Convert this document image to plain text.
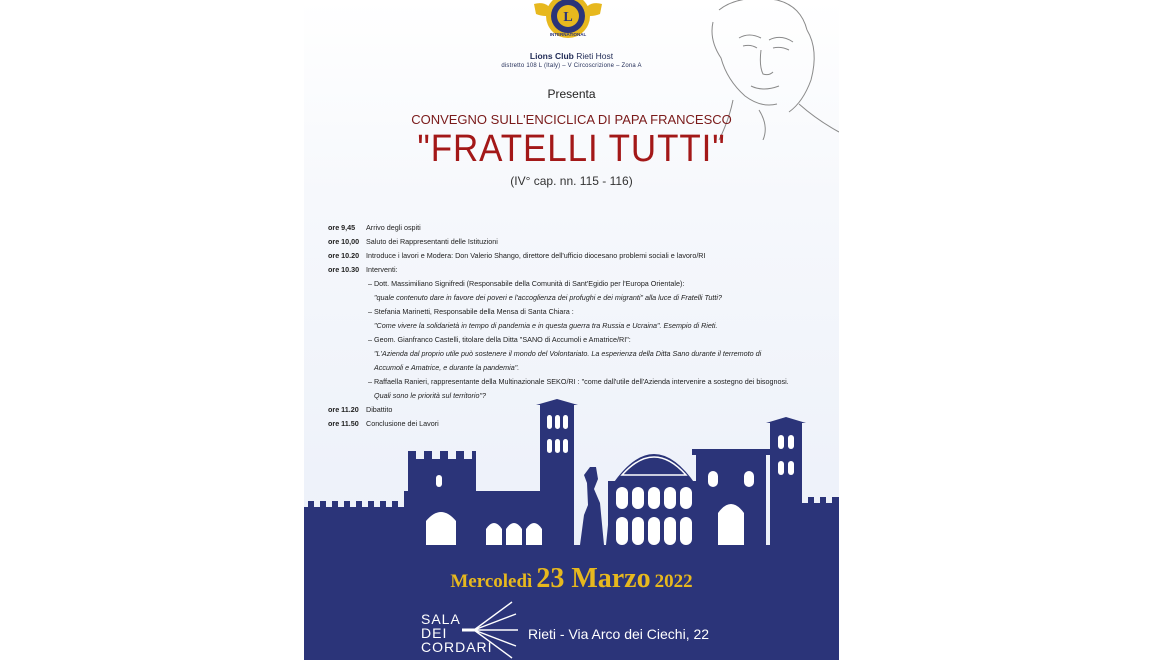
L
INTERNATIONAL
Lions Club Rieti Host
distretto 108 L (Italy) – V Circoscrizione – Zona A
Presenta
CONVEGNO SULL'ENCICLICA DI PAPA FRANCESCO
"FRATELLI TUTTI"
(IV° cap. nn. 115 - 116)
ore 9,45 Arrivo degli ospiti
ore 10,00 Saluto dei Rappresentanti delle Istituzioni
ore 10.20 Introduce i lavori e Modera: Don Valerio Shango, direttore dell'ufficio diocesano problemi sociali e lavoro/RI
ore 10.30 Interventi:
– Dott. Massimiliano Signifredi (Responsabile della Comunità di Sant'Egidio per l'Europa Orientale):
"quale contenuto dare in favore dei poveri e l'accoglienza dei profughi e dei migranti" alla luce di Fratelli Tutti?
– Stefania Marinetti, Responsabile della Mensa di Santa Chiara :
"Come vivere la solidarietà in tempo di pandemia e in questa guerra tra Russia e Ucraina". Esempio di Rieti.
– Geom. Gianfranco Castelli, titolare della Ditta "SANO di Accumoli e Amatrice/RI":
"L'Azienda dal proprio utile può sostenere il mondo del Volontariato. La esperienza della Ditta Sano durante il terremoto di
Accumoli e Amatrice, e durante la pandemia".
– Raffaella Ranieri, rappresentante della Multinazionale SEKO/RI : "come dall'utile dell'Azienda intervenire a sostegno dei bisognosi.
Quali sono le priorità sul territorio"?
ore 11.20 Dibattito
ore 11.50 Conclusione dei Lavori
Mercoledì 23 Marzo 2022
SALA
DEI
CORDARI
Rieti - Via Arco dei Ciechi, 22
